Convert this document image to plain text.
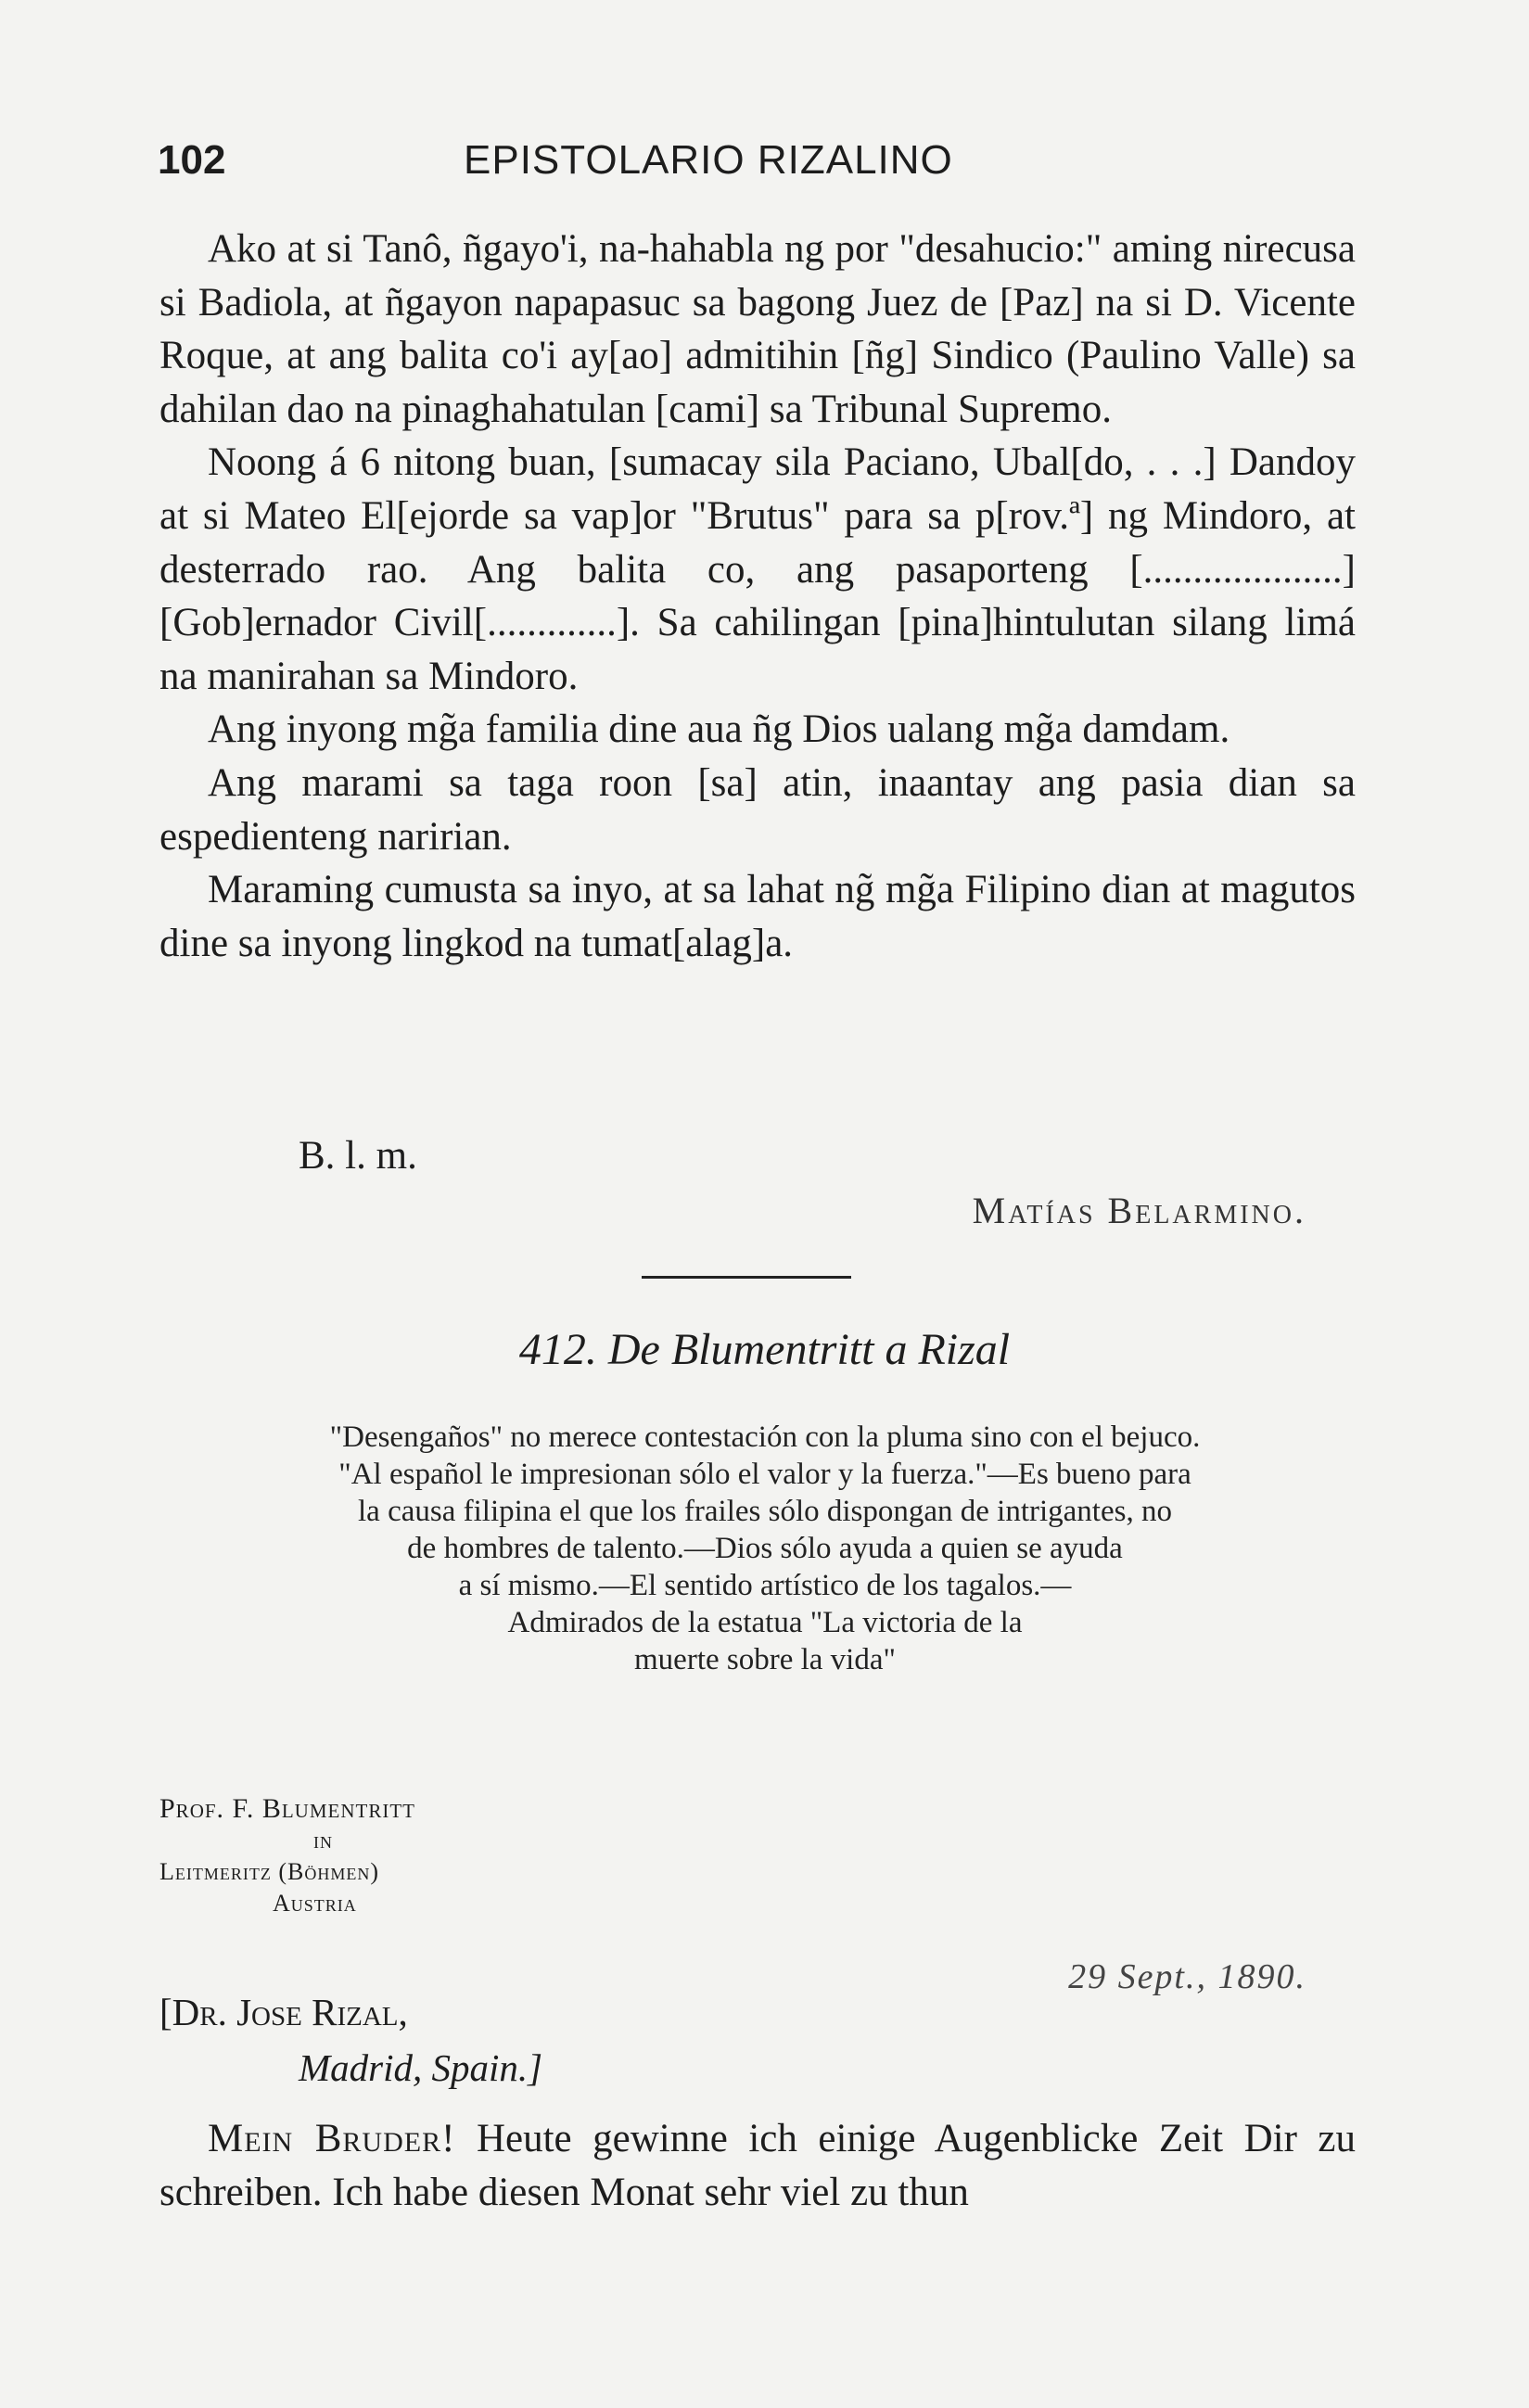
102	EPISTOLARIO RIZALINO

Ako at si Tanô, ñgayo'i, na-hahabla ng por "desahucio:" aming nirecusa si Badiola, at ñgayon napapasuc sa bagong Juez de [Paz] na si D. Vicente Roque, at ang balita co'i ay[ao] admitihin [ñg] Sindico (Paulino Valle) sa dahilan dao na pinaghahatulan [cami] sa Tribunal Supremo.

Noong á 6 nitong buan, [sumacay sila Paciano, Ubal[do, . . .] Dandoy at si Mateo El[ejorde sa vap]or "Brutus" para sa p[rov.ª] ng Mindoro, at desterrado rao. Ang balita co, ang pasaporteng [....................] [Gob]ernador Civil[.............]. Sa cahilingan [pina]hintulutan silang limá na manirahan sa Mindoro.

Ang inyong mg̃a familia dine aua ñg Dios ualang mg̃a damdam.

Ang marami sa taga roon [sa] atin, inaantay ang pasia dian sa espedienteng naririan.

Maraming cumusta sa inyo, at sa lahat ng̃ mg̃a Filipino dian at magutos dine sa inyong lingkod na tumat[alag]a.

B. l. m.
Matías Belarmino.
412. De Blumentritt a Rizal
"Desengaños" no merece contestación con la pluma sino con el bejuco.
"Al español le impresionan sólo el valor y la fuerza."—Es bueno para
la causa filipina el que los frailes sólo dispongan de intrigantes, no
de hombres de talento.—Dios sólo ayuda a quien se ayuda
a sí mismo.—El sentido artístico de los tagalos.—
Admirados de la estatua "La victoria de la
muerte sobre la vida"
Prof. F. Blumentritt
in
Leitmeritz (Böhmen)
Austria
29 Sept., 1890.
[Dr. Jose Rizal,
Madrid, Spain.]

Mein Bruder! Heute gewinne ich einige Augenblicke Zeit Dir zu schreiben. Ich habe diesen Monat sehr viel zu thun
